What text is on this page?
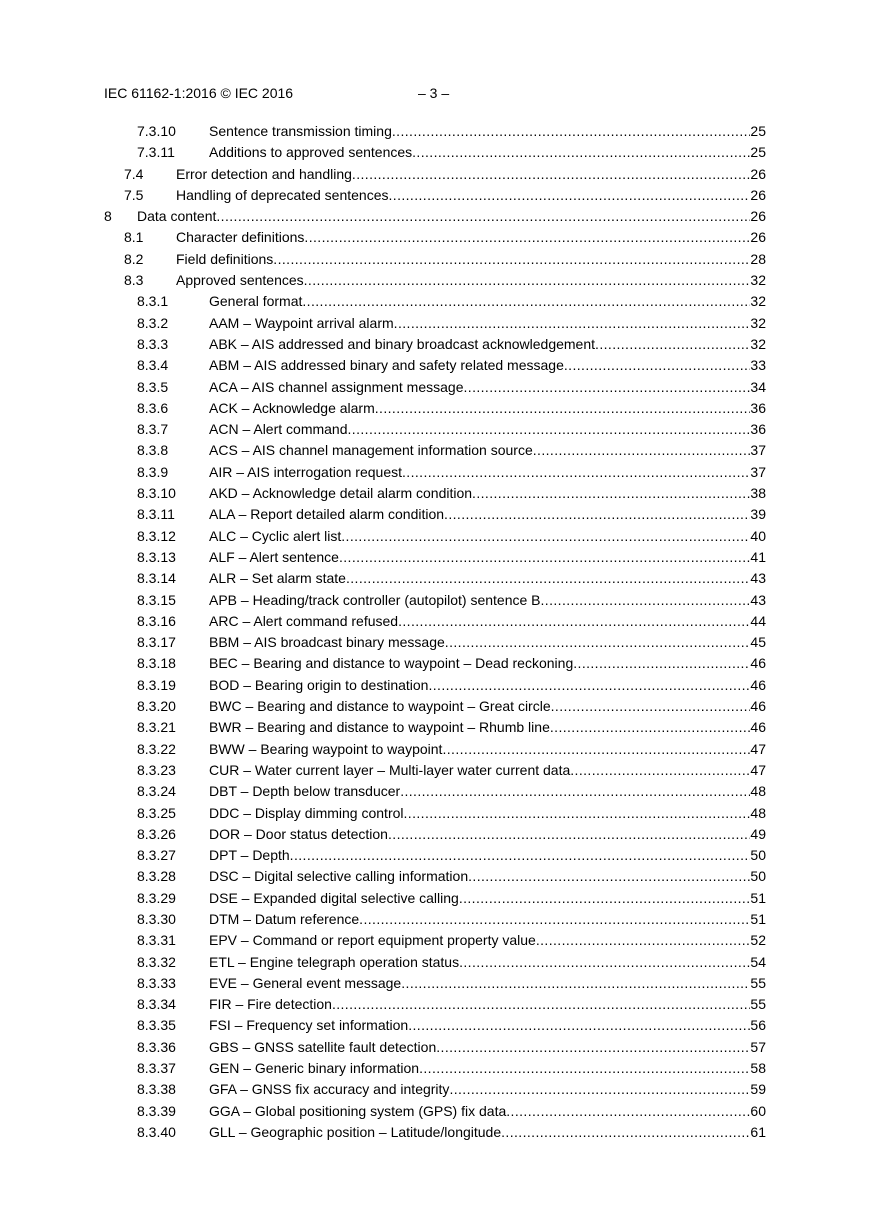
IEC 61162-1:2016 © IEC 2016	– 3 –
7.3.10 Sentence transmission timing .....	25
7.3.11 Additions to approved sentences .....	25
7.4 Error detection and handling .....	26
7.5 Handling of deprecated sentences .....	26
8 Data content .....	26
8.1 Character definitions .....	26
8.2 Field definitions .....	28
8.3 Approved sentences .....	32
8.3.1	General format .....	32
8.3.2	AAM – Waypoint arrival alarm .....	32
8.3.3	ABK – AIS addressed and binary broadcast acknowledgement .....	32
8.3.4	ABM – AIS addressed binary and safety related message .....	33
8.3.5	ACA – AIS channel assignment message .....	34
8.3.6	ACK – Acknowledge alarm .....	36
8.3.7	ACN – Alert command .....	36
8.3.8	ACS – AIS channel management information source .....	37
8.3.9	AIR – AIS interrogation request .....	37
8.3.10 AKD – Acknowledge detail alarm condition .....	38
8.3.11 ALA – Report detailed alarm condition .....	39
8.3.12 ALC – Cyclic alert list .....	40
8.3.13 ALF – Alert sentence .....	41
8.3.14 ALR – Set alarm state .....	43
8.3.15 APB – Heading/track controller (autopilot) sentence B .....	43
8.3.16 ARC – Alert command refused .....	44
8.3.17 BBM – AIS broadcast binary message .....	45
8.3.18 BEC – Bearing and distance to waypoint – Dead reckoning .....	46
8.3.19 BOD – Bearing origin to destination .....	46
8.3.20 BWC – Bearing and distance to waypoint – Great circle .....	46
8.3.21 BWR – Bearing and distance to waypoint – Rhumb line .....	46
8.3.22 BWW – Bearing waypoint to waypoint .....	47
8.3.23 CUR – Water current layer – Multi-layer water current data .....	47
8.3.24 DBT – Depth below transducer .....	48
8.3.25 DDC – Display dimming control .....	48
8.3.26 DOR – Door status detection .....	49
8.3.27 DPT – Depth .....	50
8.3.28 DSC – Digital selective calling information .....	50
8.3.29 DSE – Expanded digital selective calling .....	51
8.3.30 DTM – Datum reference .....	51
8.3.31 EPV – Command or report equipment property value .....	52
8.3.32 ETL – Engine telegraph operation status .....	54
8.3.33 EVE – General event message .....	55
8.3.34 FIR – Fire detection .....	55
8.3.35 FSI – Frequency set information .....	56
8.3.36 GBS – GNSS satellite fault detection .....	57
8.3.37 GEN – Generic binary information .....	58
8.3.38 GFA – GNSS fix accuracy and integrity .....	59
8.3.39 GGA – Global positioning system (GPS) fix data .....	60
8.3.40 GLL – Geographic position – Latitude/longitude .....	61
